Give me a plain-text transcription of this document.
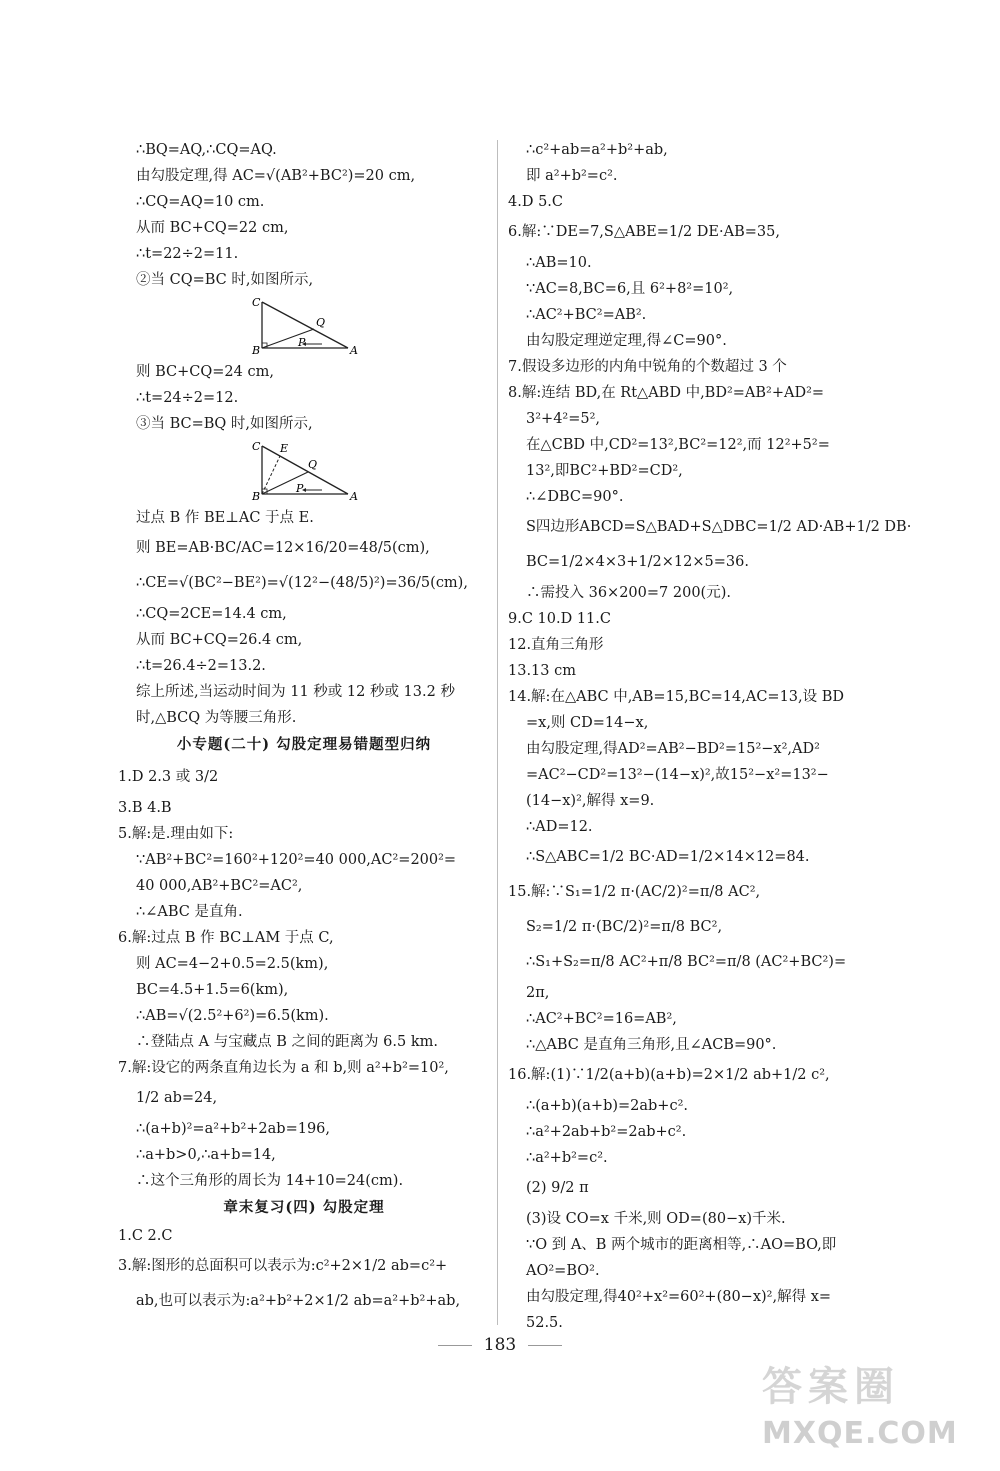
∴BQ=AQ,∴CQ=AQ.
由勾股定理,得 AC=√(AB²+BC²)=20 cm,
∴CQ=AQ=10 cm.
从而 BC+CQ=22 cm,
∴t=22÷2=11.
②当 CQ=BC 时,如图所示,
C
Q
B
P
A
则 BC+CQ=24 cm,
∴t=24÷2=12.
③当 BC=BQ 时,如图所示,
C E
Q
B
P
A
过点 B 作 BE⊥AC 于点 E.
则 BE=AB·BC/AC=12×16/20=48/5(cm),
∴CE=√(BC²−BE²)=√(12²−(48/5)²)=36/5(cm),
∴CQ=2CE=14.4 cm,
从而 BC+CQ=26.4 cm,
∴t=26.4÷2=13.2.
综上所述,当运动时间为 11 秒或 12 秒或 13.2 秒
时,△BCQ 为等腰三角形.
小专题(二十) 勾股定理易错题型归纳
1.D 2.3 或 3/2
3.B 4.B
5.解:是.理由如下:
∵AB²+BC²=160²+120²=40 000,AC²=200²=
40 000,AB²+BC²=AC²,
∴∠ABC 是直角.
6.解:过点 B 作 BC⊥AM 于点 C,
则 AC=4−2+0.5=2.5(km),
BC=4.5+1.5=6(km),
∴AB=√(2.5²+6²)=6.5(km).
∴登陆点 A 与宝藏点 B 之间的距离为 6.5 km.
7.解:设它的两条直角边长为 a 和 b,则 a²+b²=10²,
1/2 ab=24,
∴(a+b)²=a²+b²+2ab=196,
∴a+b>0,∴a+b=14,
∴这个三角形的周长为 14+10=24(cm).
章末复习(四) 勾股定理
1.C 2.C
3.解:图形的总面积可以表示为:c²+2×1/2 ab=c²+
ab,也可以表示为:a²+b²+2×1/2 ab=a²+b²+ab,
∴c²+ab=a²+b²+ab,
即 a²+b²=c².
4.D 5.C
6.解:∵DE=7,S△ABE=1/2 DE·AB=35,
∴AB=10.
∵AC=8,BC=6,且 6²+8²=10²,
∴AC²+BC²=AB².
由勾股定理逆定理,得∠C=90°.
7.假设多边形的内角中锐角的个数超过 3 个
8.解:连结 BD,在 Rt△ABD 中,BD²=AB²+AD²=
3²+4²=5²,
在△CBD 中,CD²=13²,BC²=12²,而 12²+5²=
13²,即BC²+BD²=CD²,
∴∠DBC=90°.
S四边形ABCD=S△BAD+S△DBC=1/2 AD·AB+1/2 DB·
BC=1/2×4×3+1/2×12×5=36.
∴需投入 36×200=7 200(元).
9.C 10.D 11.C
12.直角三角形
13.13 cm
14.解:在△ABC 中,AB=15,BC=14,AC=13,设 BD
=x,则 CD=14−x,
由勾股定理,得AD²=AB²−BD²=15²−x²,AD²
=AC²−CD²=13²−(14−x)²,故15²−x²=13²−
(14−x)²,解得 x=9.
∴AD=12.
∴S△ABC=1/2 BC·AD=1/2×14×12=84.
15.解:∵S₁=1/2 π·(AC/2)²=π/8 AC²,
S₂=1/2 π·(BC/2)²=π/8 BC²,
∴S₁+S₂=π/8 AC²+π/8 BC²=π/8 (AC²+BC²)=
2π,
∴AC²+BC²=16=AB²,
∴△ABC 是直角三角形,且∠ACB=90°.
16.解:(1)∵1/2(a+b)(a+b)=2×1/2 ab+1/2 c²,
∴(a+b)(a+b)=2ab+c².
∴a²+2ab+b²=2ab+c².
∴a²+b²=c².
(2) 9/2 π
(3)设 CO=x 千米,则 OD=(80−x)千米.
∵O 到 A、B 两个城市的距离相等,∴AO=BO,即
AO²=BO².
由勾股定理,得40²+x²=60²+(80−x)²,解得 x=
52.5.
183
答案圈
MXQE.COM
